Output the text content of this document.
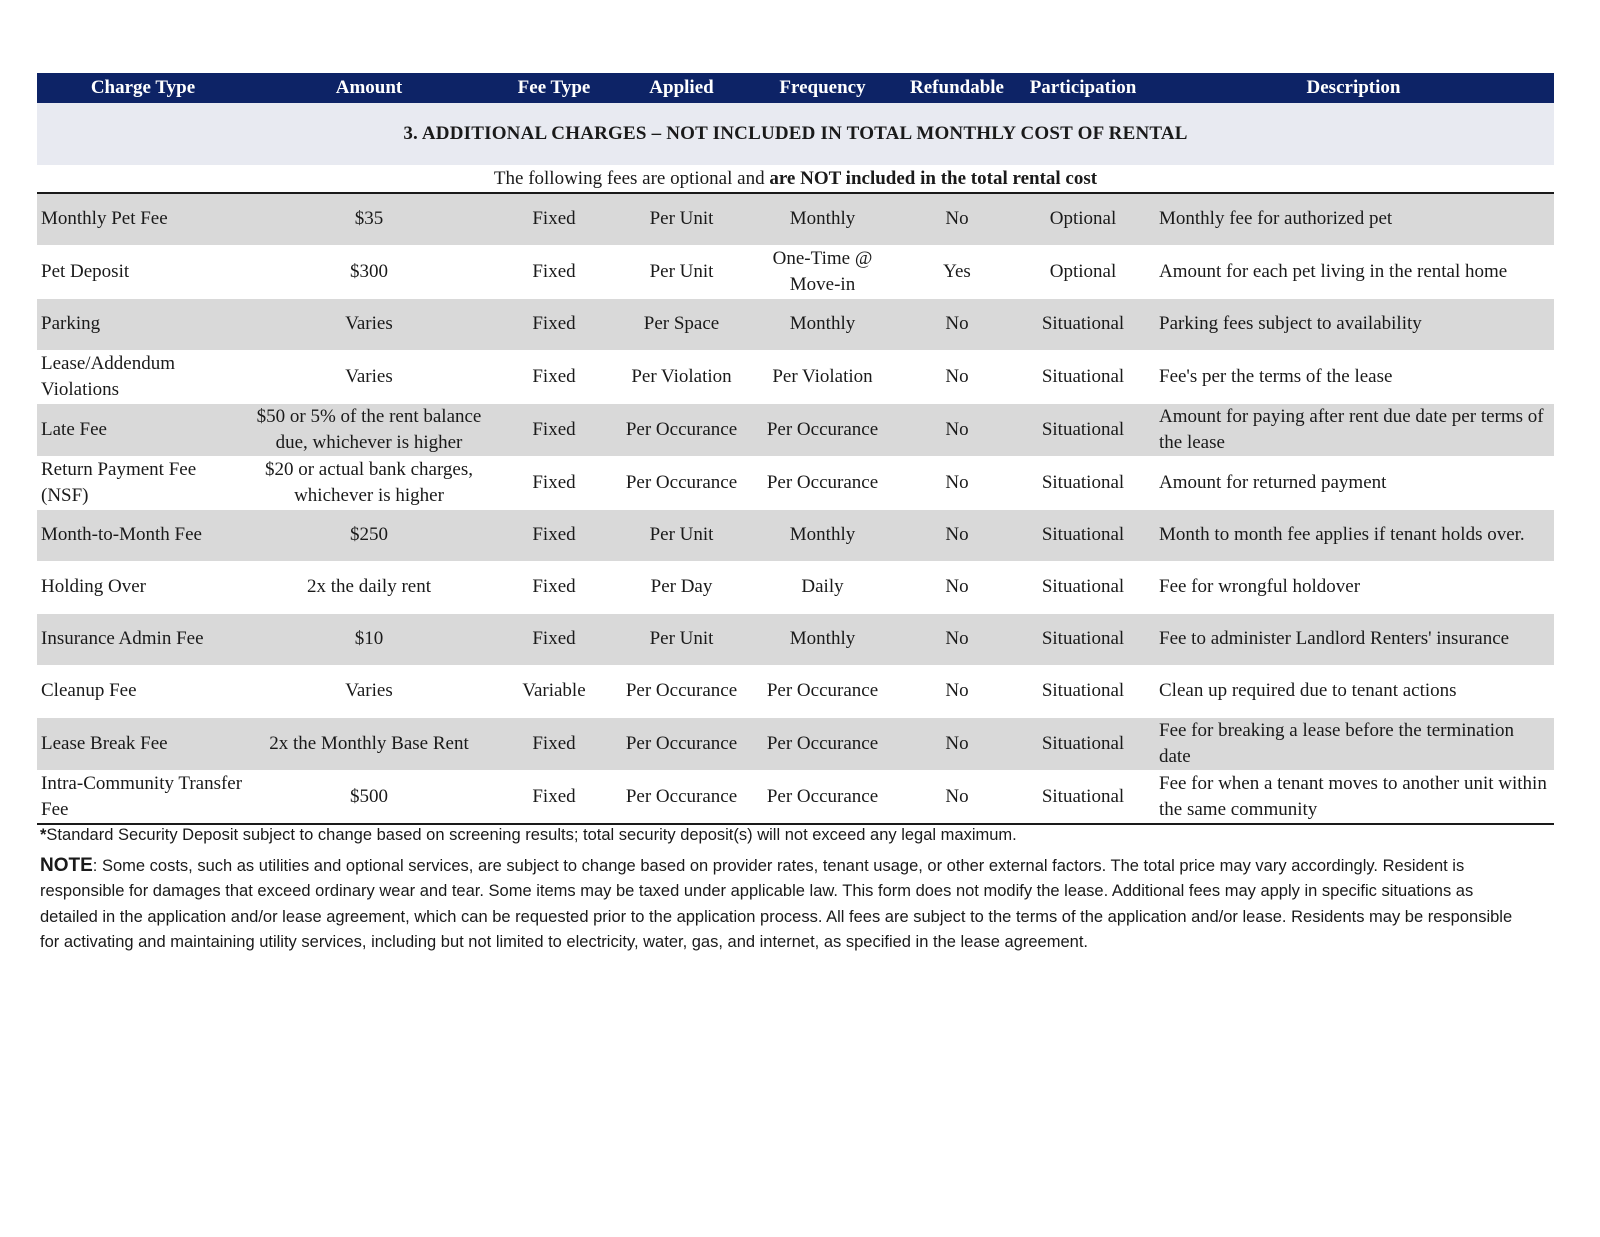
Charge Type	Amount	Fee Type	Applied	Frequency	Refundable	Participation	Description
3. ADDITIONAL CHARGES – NOT INCLUDED IN TOTAL MONTHLY COST OF RENTAL							
The following fees are optional and are NOT included in the total rental cost							
Monthly Pet Fee	$35	Fixed	Per Unit	Monthly	No	Optional	Monthly fee for authorized pet
Pet Deposit	$300	Fixed	Per Unit	One-Time @ Move-in	Yes	Optional	Amount for each pet living in the rental home
Parking	Varies	Fixed	Per Space	Monthly	No	Situational	Parking fees subject to availability
Lease/Addendum Violations	Varies	Fixed	Per Violation	Per Violation	No	Situational	Fee's per the terms of the lease
Late Fee	$50 or 5% of the rent balance due, whichever is higher	Fixed	Per Occurance	Per Occurance	No	Situational	Amount for paying after rent due date per terms of the lease
Return Payment Fee (NSF)	$20 or actual bank charges, whichever is higher	Fixed	Per Occurance	Per Occurance	No	Situational	Amount for returned payment
Month-to-Month Fee	$250	Fixed	Per Unit	Monthly	No	Situational	Month to month fee applies if tenant holds over.
Holding Over	2x the daily rent	Fixed	Per Day	Daily	No	Situational	Fee for wrongful holdover
Insurance Admin Fee	$10	Fixed	Per Unit	Monthly	No	Situational	Fee to administer Landlord Renters' insurance
Cleanup Fee	Varies	Variable	Per Occurance	Per Occurance	No	Situational	Clean up required due to tenant actions
Lease Break Fee	2x the Monthly Base Rent	Fixed	Per Occurance	Per Occurance	No	Situational	Fee for breaking a lease before the termination date
Intra-Community Transfer Fee	$500	Fixed	Per Occurance	Per Occurance	No	Situational	Fee for when a tenant moves to another unit within the same community

*Standard Security Deposit subject to change based on screening results; total security deposit(s) will not exceed any legal maximum.

NOTE: Some costs, such as utilities and optional services, are subject to change based on provider rates, tenant usage, or other external factors. The total price may vary accordingly. Resident is responsible for damages that exceed ordinary wear and tear. Some items may be taxed under applicable law. This form does not modify the lease. Additional fees may apply in specific situations as detailed in the application and/or lease agreement, which can be requested prior to the application process. All fees are subject to the terms of the application and/or lease. Residents may be responsible for activating and maintaining utility services, including but not limited to electricity, water, gas, and internet, as specified in the lease agreement.
